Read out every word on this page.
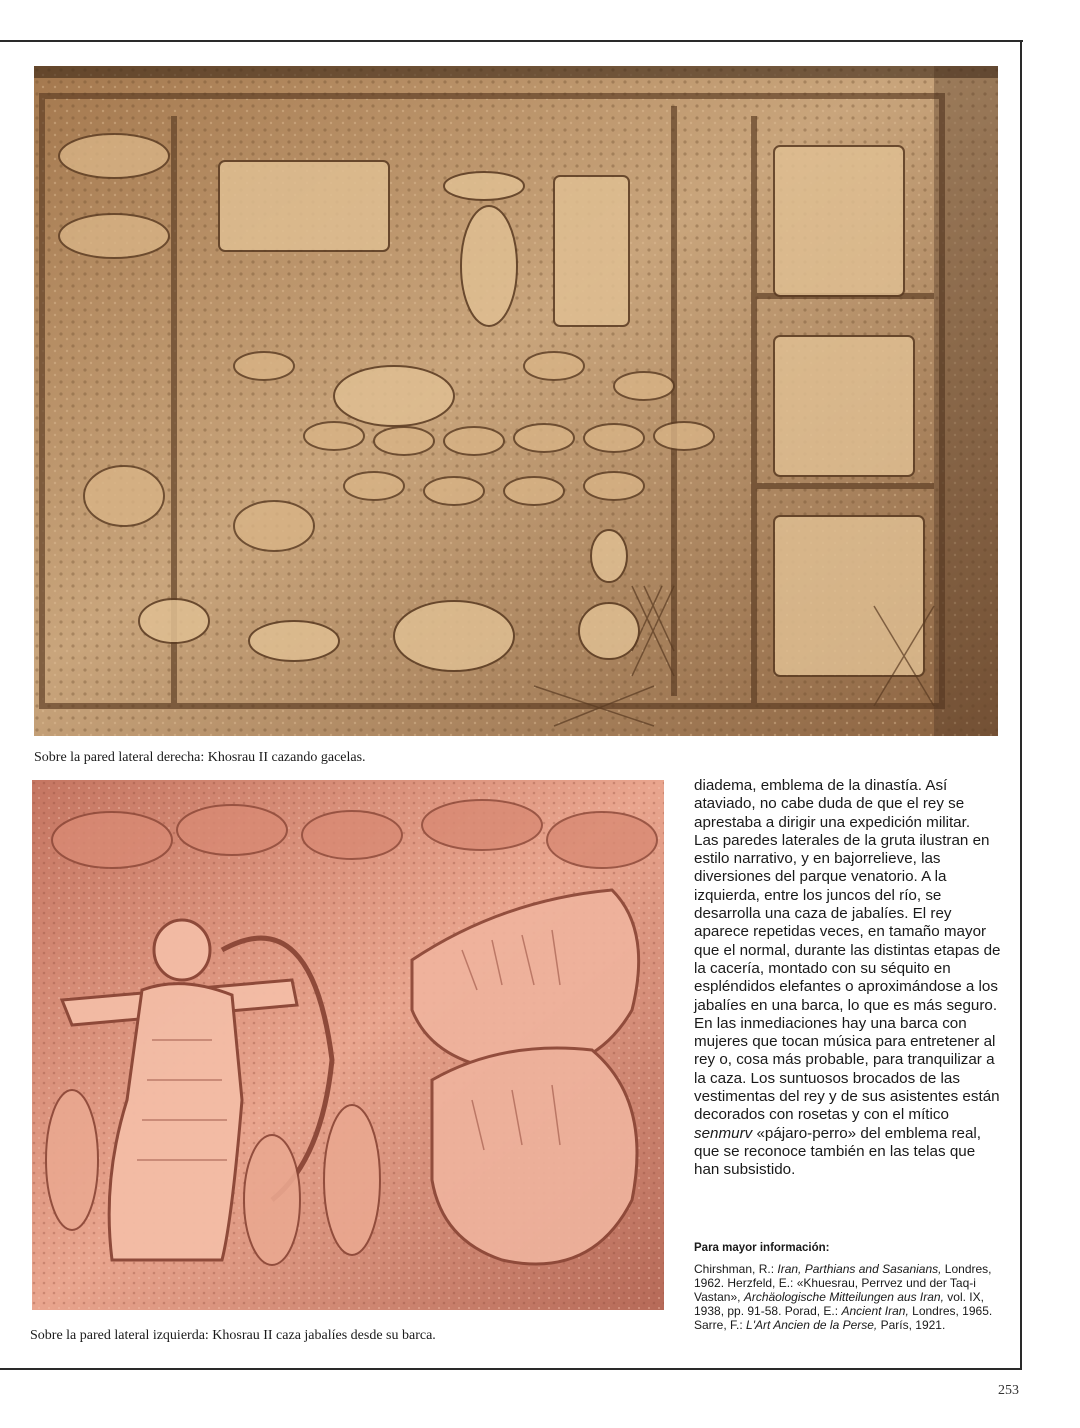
Sobre la pared lateral derecha: Khosrau II cazando gacelas.
Sobre la pared lateral izquierda: Khosrau II caza jabalíes desde su barca.

diadema, emblema de la dinastía. Así ataviado, no cabe duda de que el rey se aprestaba a dirigir una expedición militar.

Las paredes laterales de la gruta ilustran en estilo narrativo, y en bajorrelieve, las diversiones del parque venatorio. A la izquierda, entre los juncos del río, se desarrolla una caza de jabalíes. El rey aparece repetidas veces, en tamaño mayor que el normal, durante las distintas etapas de la cacería, montado con su séquito en espléndidos elefantes o aproximándose a los jabalíes en una barca, lo que es más seguro. En las inmediaciones hay una barca con mujeres que tocan música para entretener al rey o, cosa más probable, para tranquilizar a la caza. Los suntuosos brocados de las vestimentas del rey y de sus asistentes están decorados con rosetas y con el mítico senmurv «pájaro-perro» del emblema real, que se reconoce también en las telas que han subsistido.

Para mayor información:

Chirshman, R.: Iran, Parthians and Sasanians, Londres, 1962. Herzfeld, E.: «Khuesrau, Perrvez und der Taq-i Vastan», Archäologische Mitteilungen aus Iran, vol. IX, 1938, pp. 91-58. Porad, E.: Ancient Iran, Londres, 1965. Sarre, F.: L'Art Ancien de la Perse, París, 1921.

253
